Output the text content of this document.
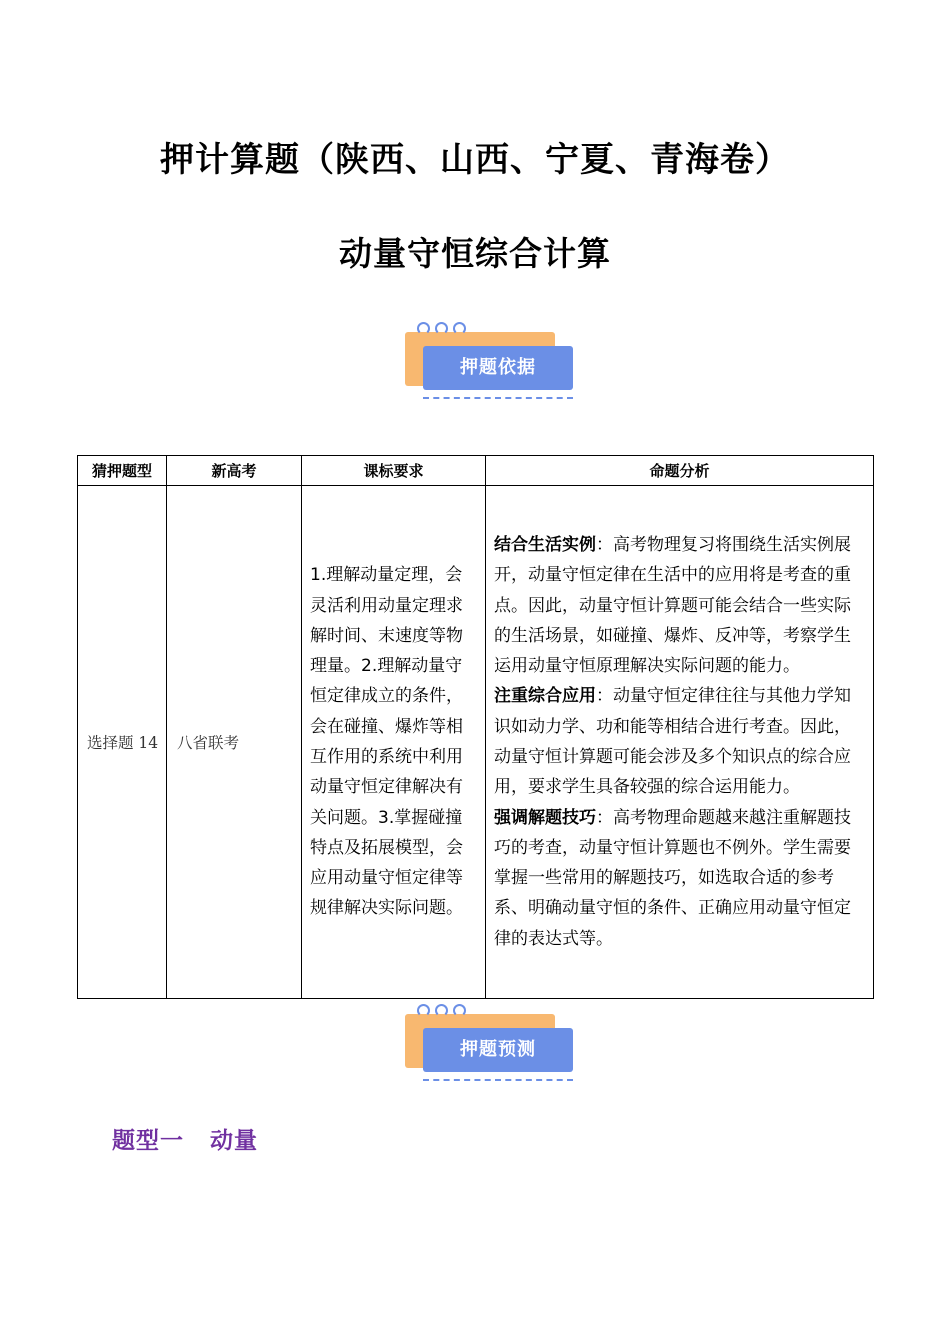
押计算题（陕西、山西、宁夏、青海卷）
动量守恒综合计算
押题依据
猜押题型	新高考	课标要求	命题分析
选择题 14	八省联考	1.理解动量定理，会灵活利用动量定理求解时间、末速度等物理量。2.理解动量守恒定律成立的条件，会在碰撞、爆炸等相互作用的系统中利用动量守恒定律解决有关问题。3.掌握碰撞特点及拓展模型，会应用动量守恒定律等规律解决实际问题。	结合生活实例：高考物理复习将围绕生活实例展开，动量守恒定律在生活中的应用将是考查的重点。因此，动量守恒计算题可能会结合一些实际的生活场景，如碰撞、爆炸、反冲等，考察学生运用动量守恒原理解决实际问题的能力。
注重综合应用：动量守恒定律往往与其他力学知识如动力学、功和能等相结合进行考查。因此，动量守恒计算题可能会涉及多个知识点的综合应用，要求学生具备较强的综合运用能力。
强调解题技巧：高考物理命题越来越注重解题技巧的考查，动量守恒计算题也不例外。学生需要掌握一些常用的解题技巧，如选取合适的参考系、明确动量守恒的条件、正确应用动量守恒定律的表达式等。
押题预测
题型一 动量
